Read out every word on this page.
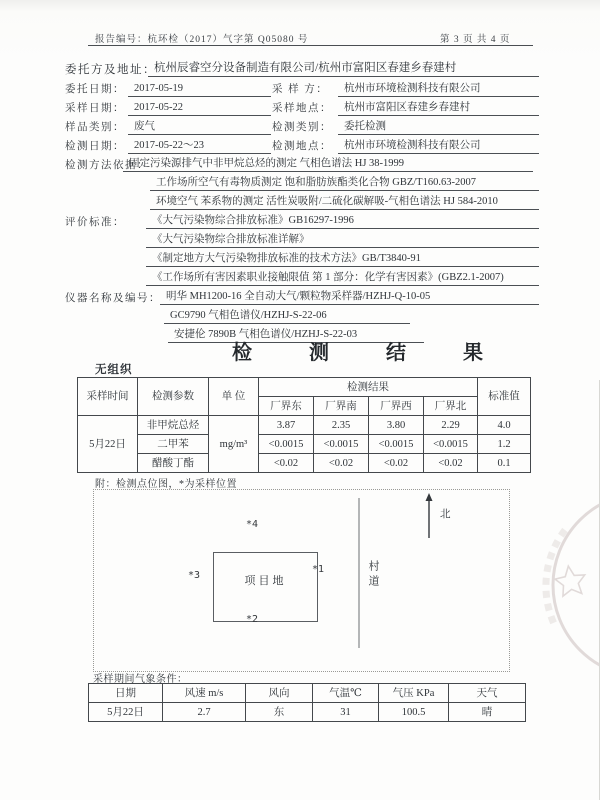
报告编号：杭环检（2017）气字第 Q05080 号	第 3 页 共 4 页
委托方及地址：
杭州辰睿空分设备制造有限公司/杭州市富阳区春建乡春建村
委托日期： 2017-05-19	采 样 方：	杭州市环境检测科技有限公司
采样日期： 2017-05-22	采样地点：	杭州市富阳区春建乡春建村
样品类别： 废气	检测类别：	委托检测
检测日期： 2017-05-22～23	检测地点：	杭州市环境检测科技有限公司
检测方法依据：
固定污染源排气中非甲烷总烃的测定 气相色谱法 HJ 38-1999
工作场所空气有毒物质测定 饱和脂肪族酯类化合物 GBZ/T160.63-2007
环境空气 苯系物的测定 活性炭吸附/二硫化碳解吸-气相色谱法 HJ 584-2010
评价标准：	《大气污染物综合排放标准》GB16297-1996
《大气污染物综合排放标准详解》
《制定地方大气污染物排放标准的技术方法》GB/T3840-91
《工作场所有害因素职业接触限值 第 1 部分：化学有害因素》(GBZ2.1-2007)
仪器名称及编号： 明华 MH1200-16 全自动大气/颗粒物采样器/HZHJ-Q-10-05
GC9790 气相色谱仪/HZHJ-S-22-06
安捷伦 7890B 气相色谱仪/HZHJ-S-22-03
检 测 结 果
无组织
采样时间	检测参数	单 位	检测结果				标准值
			厂界东	厂界南	厂界西	厂界北	
5月22日	非甲烷总烃	mg/m³	3.87	2.35	3.80	2.29	4.0
	二甲苯		<0.0015	<0.0015	<0.0015	<0.0015	1.2
	醋酸丁酯		<0.02	<0.02	<0.02	<0.02	0.1
附：检测点位图，*为采样位置
项目地
*4
*1
*3
*2
村道
北
采样期间气象条件：
日期	风速 m/s	风向	气温℃	气压 KPa	天气
5月22日	2.7	东	31	100.5	晴
